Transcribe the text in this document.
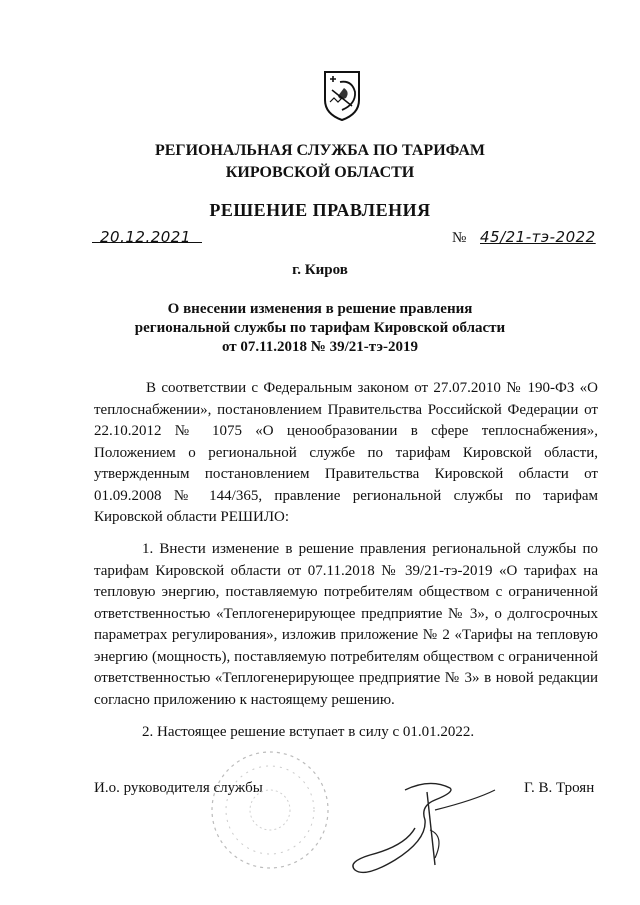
РЕГИОНАЛЬНАЯ СЛУЖБА ПО ТАРИФАМ
КИРОВСКОЙ ОБЛАСТИ
РЕШЕНИЕ ПРАВЛЕНИЯ
20.12.2021	№ 45/21-тэ-2022
г. Киров
О внесении изменения в решение правления
региональной службы по тарифам Кировской области
от 07.11.2018 № 39/21-тэ-2019
В соответствии с Федеральным законом от 27.07.2010 № 190-ФЗ «О теплоснабжении», постановлением Правительства Российской Федерации от 22.10.2012 № 1075 «О ценообразовании в сфере теплоснабжения», Положением о региональной службе по тарифам Кировской области, утвержденным постановлением Правительства Кировской области от 01.09.2008 № 144/365, правление региональной службы по тарифам Кировской области РЕШИЛО:
1. Внести изменение в решение правления региональной службы по тарифам Кировской области от 07.11.2018 № 39/21-тэ-2019 «О тарифах на тепловую энергию, поставляемую потребителям обществом с ограниченной ответственностью «Теплогенерирующее предприятие № 3», о долгосрочных параметрах регулирования», изложив приложение № 2 «Тарифы на тепловую энергию (мощность), поставляемую потребителям обществом с ограниченной ответственностью «Теплогенерирующее предприятие № 3» в новой редакции согласно приложению к настоящему решению.
2. Настоящее решение вступает в силу с 01.01.2022.
И.о. руководителя службы	Г. В. Троян
